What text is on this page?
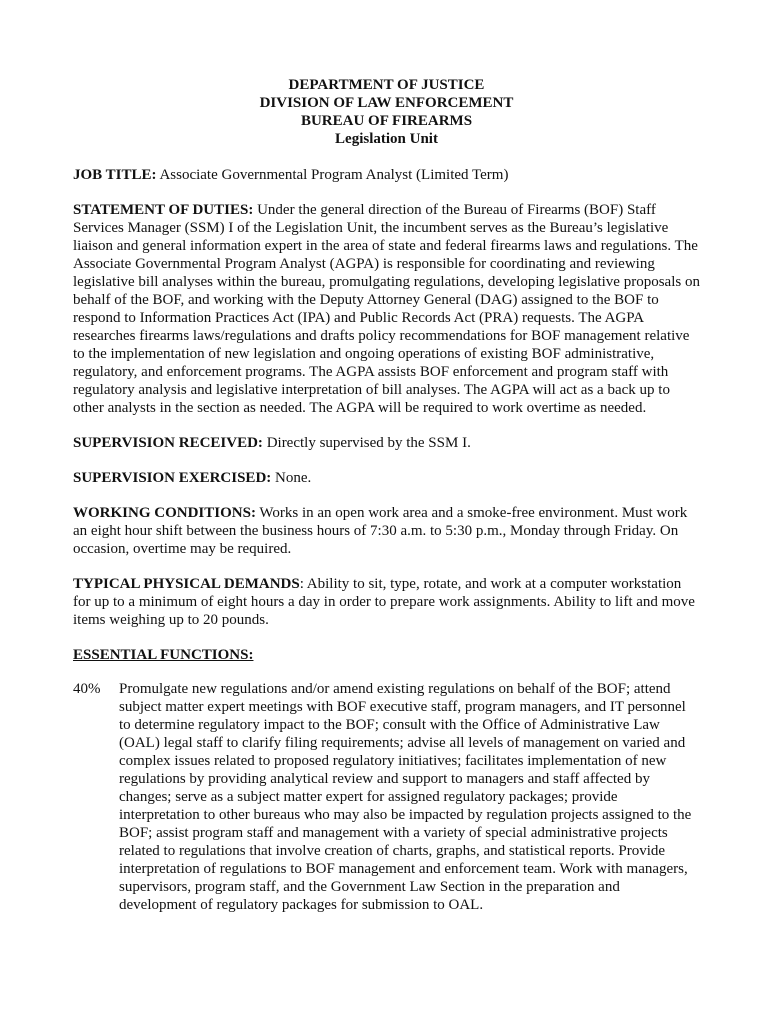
DEPARTMENT OF JUSTICE
DIVISION OF LAW ENFORCEMENT
BUREAU OF FIREARMS
Legislation Unit

JOB TITLE: Associate Governmental Program Analyst (Limited Term)

STATEMENT OF DUTIES: Under the general direction of the Bureau of Firearms (BOF) Staff Services Manager (SSM) I of the Legislation Unit, the incumbent serves as the Bureau’s legislative liaison and general information expert in the area of state and federal firearms laws and regulations. The Associate Governmental Program Analyst (AGPA) is responsible for coordinating and reviewing legislative bill analyses within the bureau, promulgating regulations, developing legislative proposals on behalf of the BOF, and working with the Deputy Attorney General (DAG) assigned to the BOF to respond to Information Practices Act (IPA) and Public Records Act (PRA) requests. The AGPA researches firearms laws/regulations and drafts policy recommendations for BOF management relative to the implementation of new legislation and ongoing operations of existing BOF administrative, regulatory, and enforcement programs. The AGPA assists BOF enforcement and program staff with regulatory analysis and legislative interpretation of bill analyses. The AGPA will act as a back up to other analysts in the section as needed. The AGPA will be required to work overtime as needed.

SUPERVISION RECEIVED: Directly supervised by the SSM I.

SUPERVISION EXERCISED: None.

WORKING CONDITIONS: Works in an open work area and a smoke-free environment. Must work an eight hour shift between the business hours of 7:30 a.m. to 5:30 p.m., Monday through Friday. On occasion, overtime may be required.

TYPICAL PHYSICAL DEMANDS: Ability to sit, type, rotate, and work at a computer workstation for up to a minimum of eight hours a day in order to prepare work assignments. Ability to lift and move items weighing up to 20 pounds.

ESSENTIAL FUNCTIONS:
40%	Promulgate new regulations and/or amend existing regulations on behalf of the BOF; attend subject matter expert meetings with BOF executive staff, program managers, and IT personnel to determine regulatory impact to the BOF; consult with the Office of Administrative Law (OAL) legal staff to clarify filing requirements; advise all levels of management on varied and complex issues related to proposed regulatory initiatives; facilitates implementation of new regulations by providing analytical review and support to managers and staff affected by changes; serve as a subject matter expert for assigned regulatory packages; provide interpretation to other bureaus who may also be impacted by regulation projects assigned to the BOF; assist program staff and management with a variety of special administrative projects related to regulations that involve creation of charts, graphs, and statistical reports. Provide interpretation of regulations to BOF management and enforcement team. Work with managers, supervisors, program staff, and the Government Law Section in the preparation and development of regulatory packages for submission to OAL.
